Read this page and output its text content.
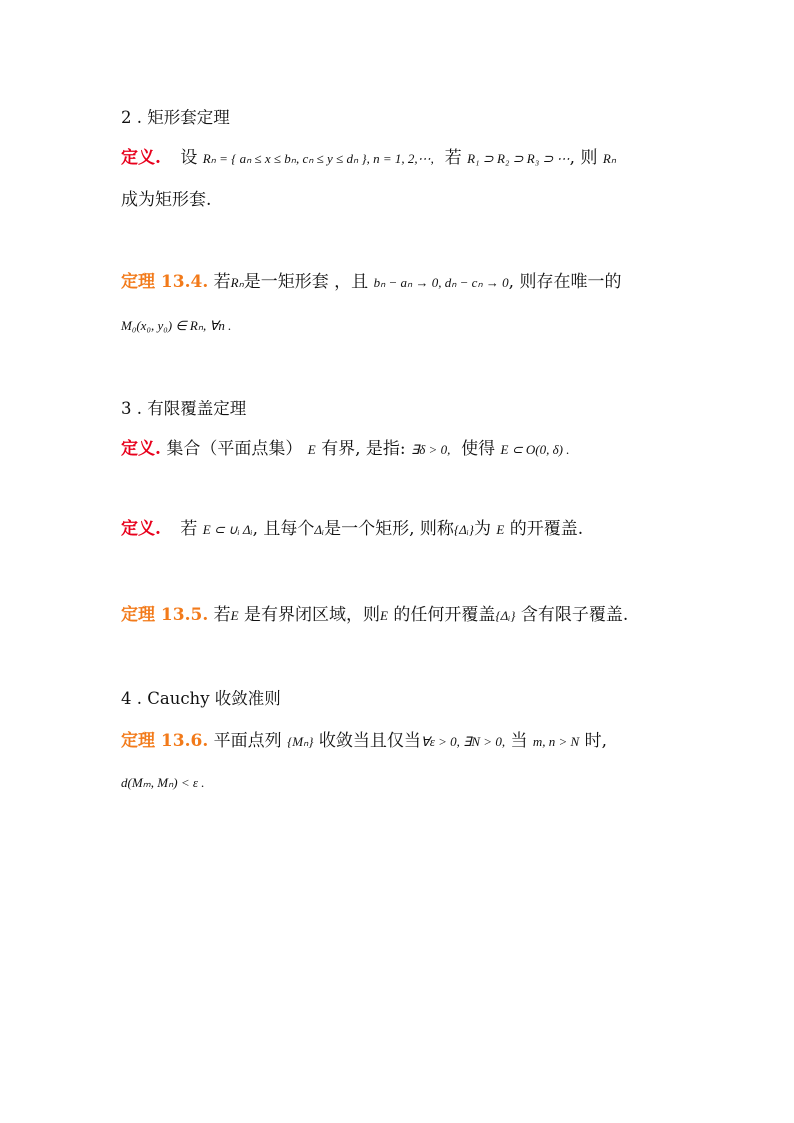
2 . 矩形套定理
定义. 设 Rₙ = { aₙ ≤ x ≤ bₙ, cₙ ≤ y ≤ dₙ }, n = 1, 2,⋯, 若 R₁ ⊃ R₂ ⊃ R₃ ⊃ ⋯, 则 Rₙ
成为矩形套.
定理 13.4. 若Rₙ是一矩形套 ，且 bₙ − aₙ → 0, dₙ − cₙ → 0, 则存在唯一的
M₀(x₀, y₀) ∈ Rₙ, ∀n .
3 . 有限覆盖定理
定义. 集合（平面点集） E 有界, 是指: ∃δ > 0, 使得 E ⊂ O(0, δ) .
定义. 若 E ⊂ ∪ᵢ Δᵢ, 且每个Δᵢ是一个矩形, 则称{Δᵢ}为 E 的开覆盖.
定理 13.5. 若E 是有界闭区域，则E 的任何开覆盖{Δᵢ} 含有限子覆盖.
4 . Cauchy 收敛准则
定理 13.6. 平面点列 {Mₙ} 收敛当且仅当∀ε > 0, ∃N > 0, 当 m, n > N 时,
d(Mₘ, Mₙ) < ε .
